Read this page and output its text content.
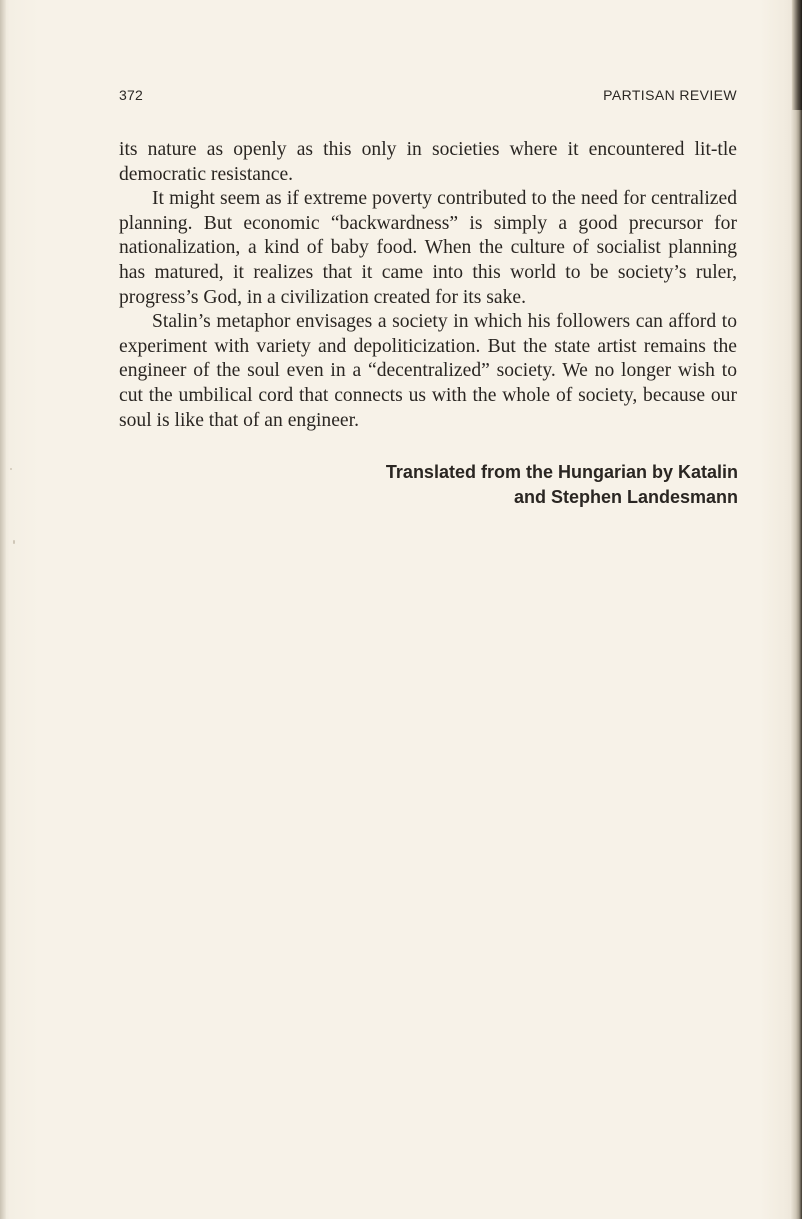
372	PARTISAN REVIEW

its nature as openly as this only in societies where it encountered lit-tle democratic resistance.

It might seem as if extreme poverty contributed to the need for centralized planning. But economic “backwardness” is simply a good precursor for nationalization, a kind of baby food. When the culture of socialist planning has matured, it realizes that it came into this world to be society’s ruler, progress’s God, in a civilization created for its sake.

Stalin’s metaphor envisages a society in which his followers can afford to experiment with variety and depoliticization. But the state artist remains the engineer of the soul even in a “decentralized” society. We no longer wish to cut the umbilical cord that connects us with the whole of society, because our soul is like that of an engineer.

Translated from the Hungarian by Katalin
and Stephen Landesmann
